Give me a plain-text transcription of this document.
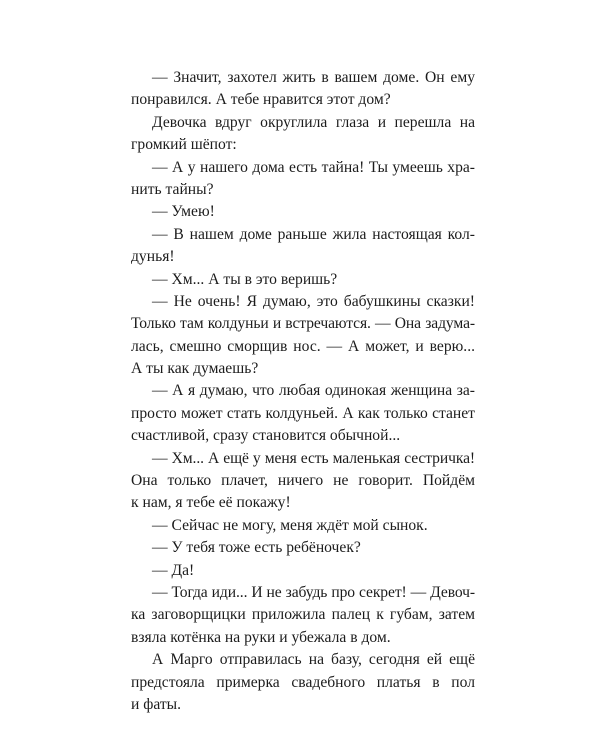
— Значит, захотел жить в вашем доме. Он ему
понравился. А тебе нравится этот дом?
Девочка вдруг округлила глаза и перешла на
громкий шёпот:
— А у нашего дома есть тайна! Ты умеешь хра-
нить тайны?
— Умею!
— В нашем доме раньше жила настоящая кол-
дунья!
— Хм... А ты в это веришь?
— Не очень! Я думаю, это бабушкины сказки!
Только там колдуньи и встречаются. — Она задума-
лась, смешно сморщив нос. — А может, и верю...
А ты как думаешь?
— А я думаю, что любая одинокая женщина за-
просто может стать колдуньей. А как только станет
счастливой, сразу становится обычной...
— Хм... А ещё у меня есть маленькая сестричка!
Она только плачет, ничего не говорит. Пойдём
к нам, я тебе её покажу!
— Сейчас не могу, меня ждёт мой сынок.
— У тебя тоже есть ребёночек?
— Да!
— Тогда иди... И не забудь про секрет! — Девоч-
ка заговорщицки приложила палец к губам, затем
взяла котёнка на руки и убежала в дом.
А Марго отправилась на базу, сегодня ей ещё
предстояла примерка свадебного платья в пол
и фаты.
